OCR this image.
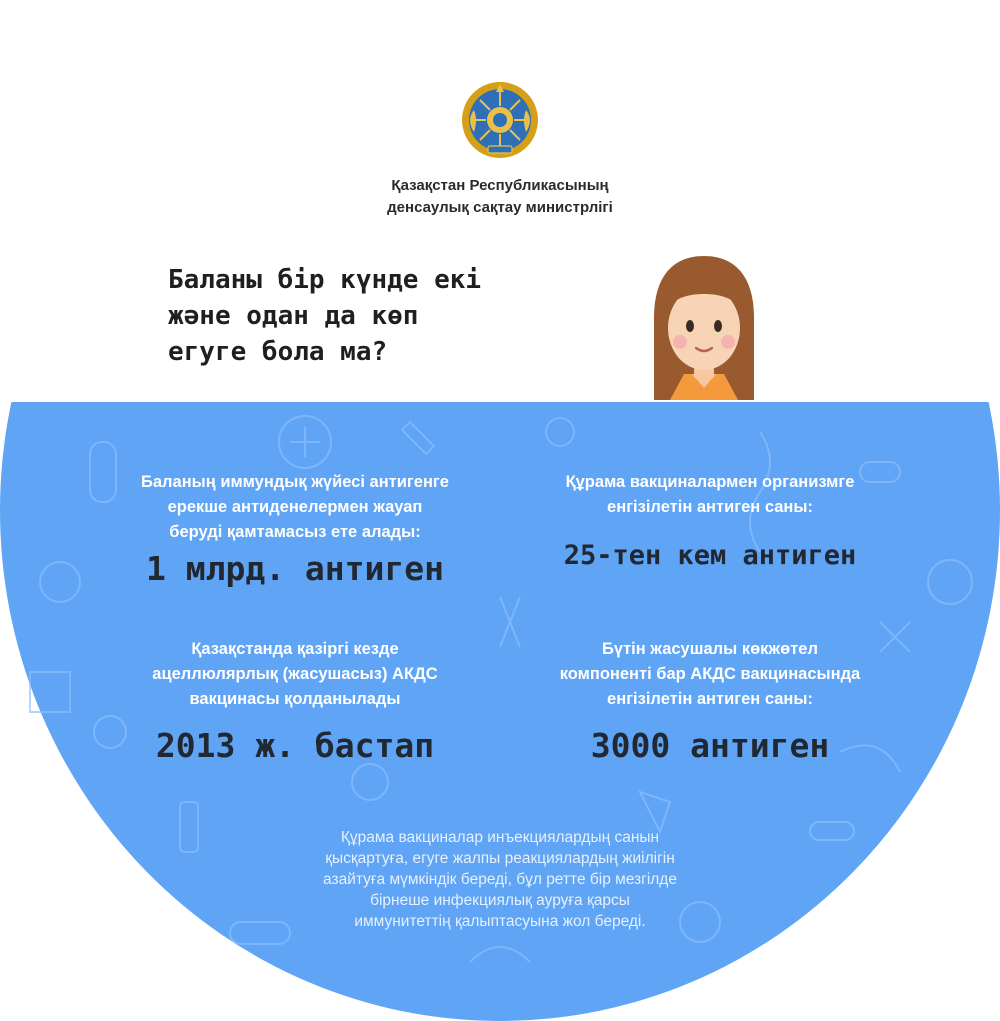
Қазақстан Республикасының
денсаулық сақтау министрлігі
Баланы бір күнде екі
және одан да көп
егуге бола ма?
Баланың иммундық жүйесі антигенге
ерекше антиденелермен жауап
беруді қамтамасыз ете алады:
1 млрд. антиген
Құрама вакциналармен организмге
енгізілетін антиген саны:
25-тен кем антиген
Қазақстанда қазіргі кезде
ацеллюлярлық (жасушасыз) АКДС
вакцинасы қолданылады
2013 ж. бастап
Бүтін жасушалы көкжөтел
компоненті бар АКДС вакцинасында
енгізілетін антиген саны:
3000 антиген
Құрама вакциналар инъекциялардың санын
қысқартуға, егуге жалпы реакциялардың жиілігін
азайтуға мүмкіндік береді, бұл ретте бір мезгілде
бірнеше инфекциялық ауруға қарсы
иммунитеттің қалыптасуына жол береді.
